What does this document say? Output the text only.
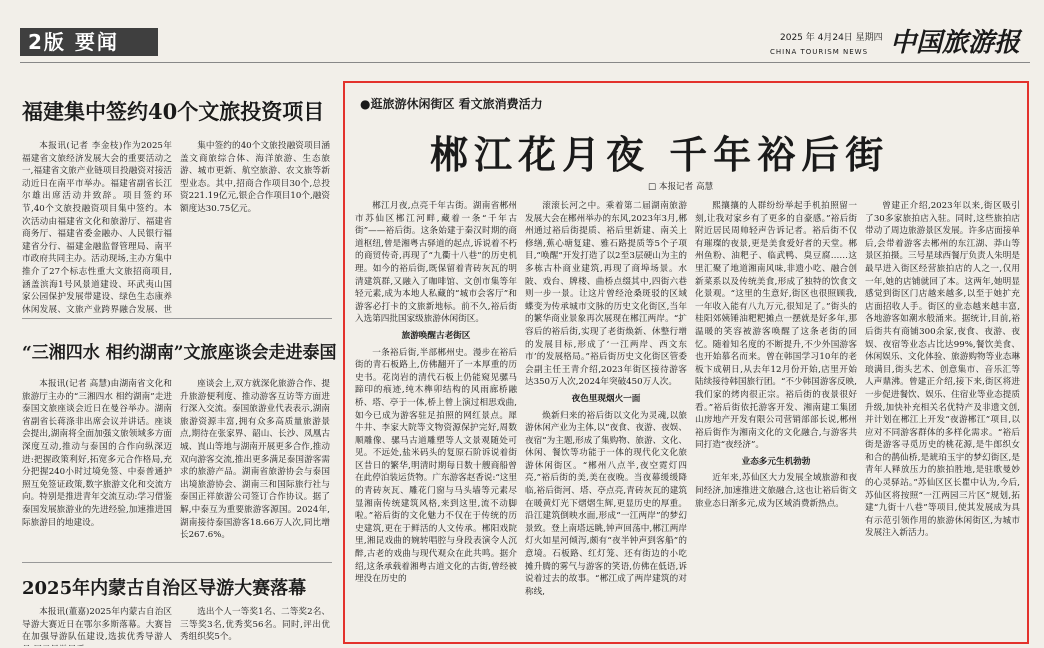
2版 要闻	2025 年 4月24日 星期四
CHINA TOURISM NEWS 中国旅游报
福建集中签约40个文旅投资项目

本报讯(记者 李金枝)作为2025年福建省文旅经济发展大会的重要活动之一,福建省文旅产业链项目投融资对接活动近日在南平市举办。福建省副省长江尔雄出席活动并致辞。项目签约环节,40个文旅投融资项目集中签约。本次活动由福建省文化和旅游厅、福建省商务厅、福建省委金融办、人民银行福建省分行、福建金融监督管理局、南平市政府共同主办。活动现场,主办方集中推介了27个标志性重大文旅招商项目,涵盖滨海1号风景道建设、环武夷山国家公园保护发展带建设、绿色生态康养休闲发展、文旅产业跨界融合发展、世

集中签约的40个文旅投融资项目涵盖文商旅综合体、海洋旅游、生态旅游、城市更新、航空旅游、农文旅等新型业态。其中,招商合作项目30个,总投资221.19亿元,银企合作项目10个,融资额度达30.75亿元。

“三湘四水 相约湖南”文旅座谈会走进泰国

本报讯(记者 高慧)由湖南省文化和旅游厅主办的“三湘四水 相约湖南”走进泰国文旅座谈会近日在曼谷举办。湖南省副省长蒋涤非出席会议并讲话。座谈会提出,湖南将全面加强文旅领域多方面深度互动,推动与泰国的合作向纵深迈进:把握政策利好,拓宽多元合作格局,充分把握240小时过境免签、中泰普通护照互免签证政策,数字旅游文化和交流方向。特别是推进青年交流互动:学习借鉴泰国发展旅游业的先进经验,加速推进国际旅游目的地建设。

座谈会上,双方就深化旅游合作、提升旅游便利度、推动游客互访等方面进行深入交流。泰国旅游业代表表示,湖南旅游资源丰富,拥有众多高质量旅游景点,期待在张家界、韶山、长沙、凤凰古城、崀山等地与湖南开展更多合作,推动双向游客交流,推出更多满足泰国游客需求的旅游产品。湖南省旅游协会与泰国出境旅游协会、湖南三和国际旅行社与泰国正祥旅游公司签订合作协议。据了解,中泰互为重要旅游客源国。2024年,湖南接待泰国游客18.66万人次,同比增长267.6%。

2025年内蒙古自治区导游大赛落幕

本报讯(董嘉)2025年内蒙古自治区导游大赛近日在鄂尔多斯落幕。大赛旨在加强导游队伍建设,选拔优秀导游人

选出个人一等奖1名、二等奖2名、三等奖3名,优秀奖56名。同时,评出优秀组织奖5个。

●逛旅游休闲街区 看文旅消费活力
郴江花月夜 千年裕后街
□ 本报记者 高慧

郴江月夜,点亮千年古街。湖南省郴州市苏仙区郴江河畔,藏着一条“千年古街”——裕后街。这条始建于秦汉时期的商道枢纽,曾是湘粤古驿道的起点,诉说着不朽的商贸传奇,再现了“九衢十八巷”的历史机理。如今的裕后街,既保留着青砖灰瓦的明清建筑群,又融入了咖啡馆、文创市集等年轻元素,成为本地人私藏的“城市会客厅”和游客必打卡的文旅新地标。前不久,裕后街入选第四批国家级旅游休闲街区。

旅游唤醒古老街区

一条裕后街,半部郴州史。漫步在裕后街的青石板路上,仿佛翻开了一本厚重的历史书。花岗岩的清代石板上仍能窥见骡马蹄印的痕迹,纯木榫卯结构的风雨廊桥融桥、塔、亭于一体,桥上曾上演过相思戏曲,如今已成为游客驻足拍照的网红景点。犀牛井、李家大院等文物资源保护完好,周数顺雕像、骡马古道雕塑等人文景观随处可见。不远处,盐米码头的复原石阶诉说着街区昔日的繁华,明清时期每日数十艘商船曾在此停泊装运货物。广东游客赵香说:“这里的青砖灰瓦、雕花门窗与马头墙等元素尽显湘南传统建筑风格,来到这里,流不动脚啦。”裕后街的文化魅力不仅在于传统的历史建筑,更在于鲜活的人文传承。郴阳戏院里,湘昆戏曲的婉转唱腔与身段表演令人沉醉,古老的戏曲与现代观众在此共鸣。据介绍,这条承载着湘粤古道文化的古街,曾经被埋没在历史的

滚滚长河之中。乘着第二届湖南旅游发展大会在郴州举办的东风,2023年3月,郴州通过裕后街提质、裕后里新建、南关上修缮,蕉心塘复建、雅石路提质等5个子项目,“唤醒”开发打造了以2至3层硬山为主的多栋古朴商业建筑,再现了商埠场景。水陂、戏台、牌楼、曲桥点缀其中,四街六巷则一步一景。让这片曾经沧桑斑驳的区域蝶变为传承城市文脉的历史文化街区,当年的繁华商业景象再次展现在郴江两岸。“扩容后的裕后街,实现了老街焕新、休整行增的发展目标,形成了‘一江两岸、西文东市’的发展格局。”裕后街历史文化街区管委会副主任王青介绍,2023年街区接待游客达350万人次,2024年突破450万人次。

夜色里现烟火一面

焕新归来的裕后街以文化为灵魂,以旅游休闲产业为主体,以“夜食、夜游、夜娱、夜宿”为主题,形成了集购物、旅游、文化、休闲、餐饮等功能于一体的现代化文化旅游休闲街区。“郴州八点半,夜空霓灯四亮,”裕后街的美,美在夜晚。当夜幕缓缓降临,裕后街河、塔、亭点亮,青砖灰瓦的建筑在暖黄灯光下熠熠生辉,更显历史的厚重。沿江建筑倒映水面,形成“一江两岸”的梦幻景致。登上南塔远眺,钟声回荡中,郴江两岸灯火如星河倾泻,颇有“夜半钟声到客船”的意境。石板路、红灯笼、还有街边的小吃摊升腾的雾气与游客的笑语,仿佛在低语,诉说着过去的故事。“郴江成了两岸建筑的对称线,

熙攘攘的人群纷纷举起手机拍照留一刻,让我对家乡有了更多的自豪感。”裕后街附近居民周帅轻声告诉记者。裕后街不仅有璀璨的夜景,更是美食爱好者的天堂。郴州鱼粉、油粑子、临武鸭、臭豆腐……这里汇聚了地道湘南风味,非遗小吃、融合创新菜系以及传统美食,形成了独特的饮食文化景观。“这里的生意好,街区也很照顾我,一年收入能有八九万元,很知足了。”街头的桂阳郊姨锤油粑粑摊点一摆就是好多年,那温暖的笑容被游客唤醒了这条老街的回忆。随着知名度的不断提升,不少外国游客也开始慕名而来。曾在韩国学习10年的老板卞成朝日,从去年12月份开始,店里开始陆续接待韩国旅行团。“不少韩国游客反映,我们家的烤肉很正宗。裕后街的夜景很好看。”裕后街依托游客开发、湘南建工集团山房地产开发有限公司营销部部长说,郴州裕后街作为湘南文化的文化融合,与游客共同打造“夜经济”。

业态多元生机勃勃

近年来,苏仙区大力发展全域旅游和夜间经济,加速推进文旅融合,这也让裕后街文旅业态日渐多元,成为区域消费新热点。

曾建正介绍,2023年以来,街区吸引了30多家旅拍店入驻。同时,这些旅拍店带动了周边旅游景区发展。许多店面接单后,会带着游客去郴州的东江湖、莽山等景区拍摄。三号星球西餐厅负责人朱明是最早进入街区经营旅拍店的人之一,仅用一年,她的店铺就回了本。这两年,她明显感觉到街区门店越来越多,以至于她扩充店面招收人手。街区的业态越来越丰富,各地游客如潮水般涌来。据统计,目前,裕后街共有商铺300余家,夜食、夜游、夜娱、夜宿等业态占比达99%,餐饮美食、休闲娱乐、文化体验、旅游购物等业态琳琅满目,街头艺术、创意集市、音乐汇等人声鼎沸。曾建正介绍,接下来,街区将进一步促进餐饮、娱乐、住宿业等业态提质升级,加快补充相关名优特产及非遗文创,并计划在郴江上开发“夜游郴江”项目,以应对不同游客群体的多样化需求。“裕后街是游客寻觅历史的桃花源,是牛郎织女和合的鹊仙桥,是琥珀玉宇的梦幻街区,是青年人释放压力的旅拍胜地,是驻歌曼妙的心灵驿站。”苏仙区区长瞿中认为,今后,苏仙区将按照“一江两园三片区”规划,拓建“九街十八巷”等项目,使其发展成为具有示范引领作用的旅游休闲街区,为城市发展注入新活力。
